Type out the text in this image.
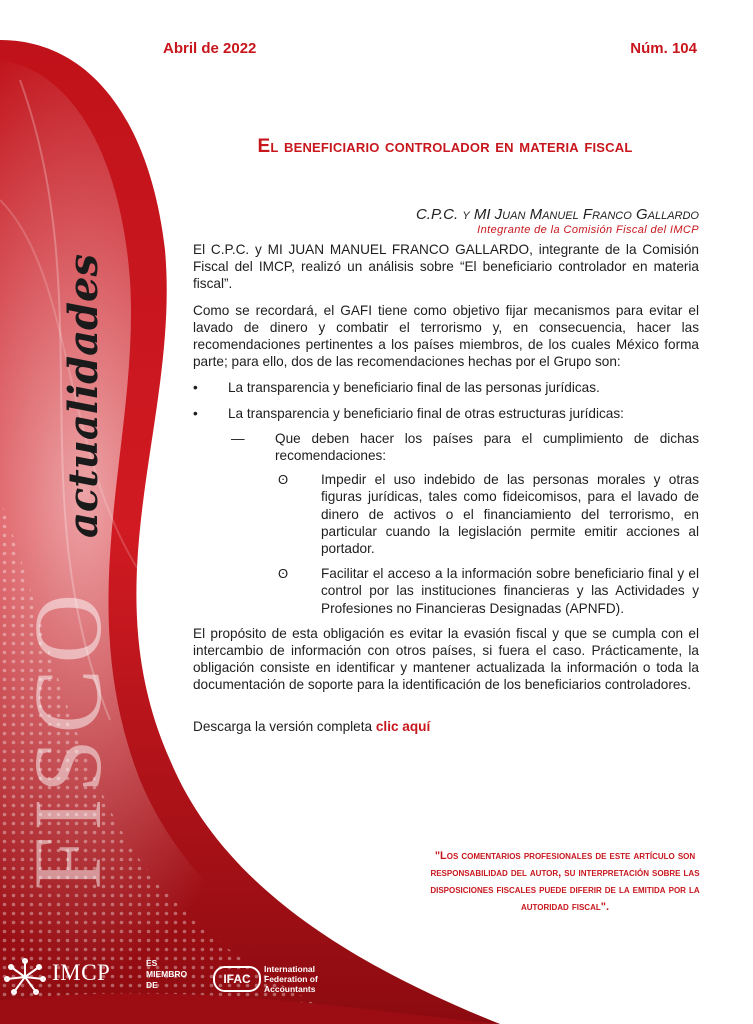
FISCO
actualidades
Abril de 2022	Núm. 104
El beneficiario controlador en materia fiscal
C.P.C. y MI Juan Manuel Franco Gallardo
Integrante de la Comisión Fiscal del IMCP

El C.P.C. y MI JUAN MANUEL FRANCO GALLARDO, integrante de la Comisión Fiscal del IMCP, realizó un análisis sobre “El beneficiario controlador en materia fiscal”.

Como se recordará, el GAFI tiene como objetivo fijar mecanismos para evitar el lavado de dinero y combatir el terrorismo y, en consecuencia, hacer las recomendaciones pertinentes a los países miembros, de los cuales México forma parte; para ello, dos de las recomendaciones hechas por el Grupo son:

• La transparencia y beneficiario final de las personas jurídicas.
• La transparencia y beneficiario final de otras estructuras jurídicas:
— Que deben hacer los países para el cumplimiento de dichas recomendaciones:
ʘ Impedir el uso indebido de las personas morales y otras figuras jurídicas, tales como fideicomisos, para el lavado de dinero de activos o el financiamiento del terrorismo, en particular cuando la legislación permite emitir acciones al portador.
ʘ Facilitar el acceso a la información sobre beneficiario final y el control por las instituciones financieras y las Actividades y Profesiones no Financieras Designadas (APNFD).

El propósito de esta obligación es evitar la evasión fiscal y que se cumpla con el intercambio de información con otros países, si fuera el caso. Prácticamente, la obligación consiste en identificar y mantener actualizada la información o toda la documentación de soporte para la identificación de los beneficiarios controladores.

Descarga la versión completa clic aquí
"Los comentarios profesionales de este artículo son responsabilidad del autor, su interpretación sobre las disposiciones fiscales puede diferir de la emitida por la autoridad fiscal".
IMCP	ES MIEMBRO DE	IFAC
International Federation of Accountants
